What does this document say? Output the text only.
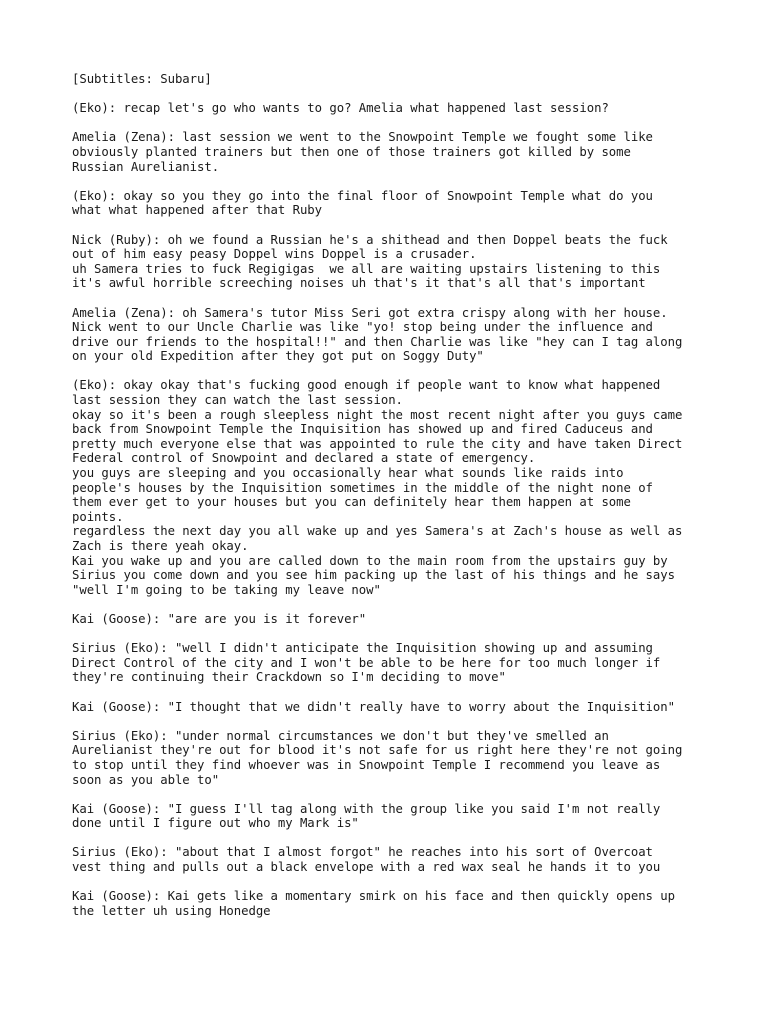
[Subtitles: Subaru]
(Eko): recap let's go who wants to go? Amelia what happened last session?
Amelia (Zena): last session we went to the Snowpoint Temple we fought some like
obviously planted trainers but then one of those trainers got killed by some
Russian Aurelianist.
(Eko): okay so you they go into the final floor of Snowpoint Temple what do you
what what happened after that Ruby
Nick (Ruby): oh we found a Russian he's a shithead and then Doppel beats the fuck
out of him easy peasy Doppel wins Doppel is a crusader.
uh Samera tries to fuck Regigigas  we all are waiting upstairs listening to this
it's awful horrible screeching noises uh that's it that's all that's important
Amelia (Zena): oh Samera's tutor Miss Seri got extra crispy along with her house.
Nick went to our Uncle Charlie was like "yo! stop being under the influence and
drive our friends to the hospital!!" and then Charlie was like "hey can I tag along
on your old Expedition after they got put on Soggy Duty"
(Eko): okay okay that's fucking good enough if people want to know what happened
last session they can watch the last session.
okay so it's been a rough sleepless night the most recent night after you guys came
back from Snowpoint Temple the Inquisition has showed up and fired Caduceus and
pretty much everyone else that was appointed to rule the city and have taken Direct
Federal control of Snowpoint and declared a state of emergency.
you guys are sleeping and you occasionally hear what sounds like raids into
people's houses by the Inquisition sometimes in the middle of the night none of
them ever get to your houses but you can definitely hear them happen at some
points.
regardless the next day you all wake up and yes Samera's at Zach's house as well as
Zach is there yeah okay.
Kai you wake up and you are called down to the main room from the upstairs guy by
Sirius you come down and you see him packing up the last of his things and he says
"well I'm going to be taking my leave now"
Kai (Goose): "are are you is it forever"
Sirius (Eko): "well I didn't anticipate the Inquisition showing up and assuming
Direct Control of the city and I won't be able to be here for too much longer if
they're continuing their Crackdown so I'm deciding to move"
Kai (Goose): "I thought that we didn't really have to worry about the Inquisition"
Sirius (Eko): "under normal circumstances we don't but they've smelled an
Aurelianist they're out for blood it's not safe for us right here they're not going
to stop until they find whoever was in Snowpoint Temple I recommend you leave as
soon as you able to"
Kai (Goose): "I guess I'll tag along with the group like you said I'm not really
done until I figure out who my Mark is"
Sirius (Eko): "about that I almost forgot" he reaches into his sort of Overcoat
vest thing and pulls out a black envelope with a red wax seal he hands it to you
Kai (Goose): Kai gets like a momentary smirk on his face and then quickly opens up
the letter uh using Honedge
